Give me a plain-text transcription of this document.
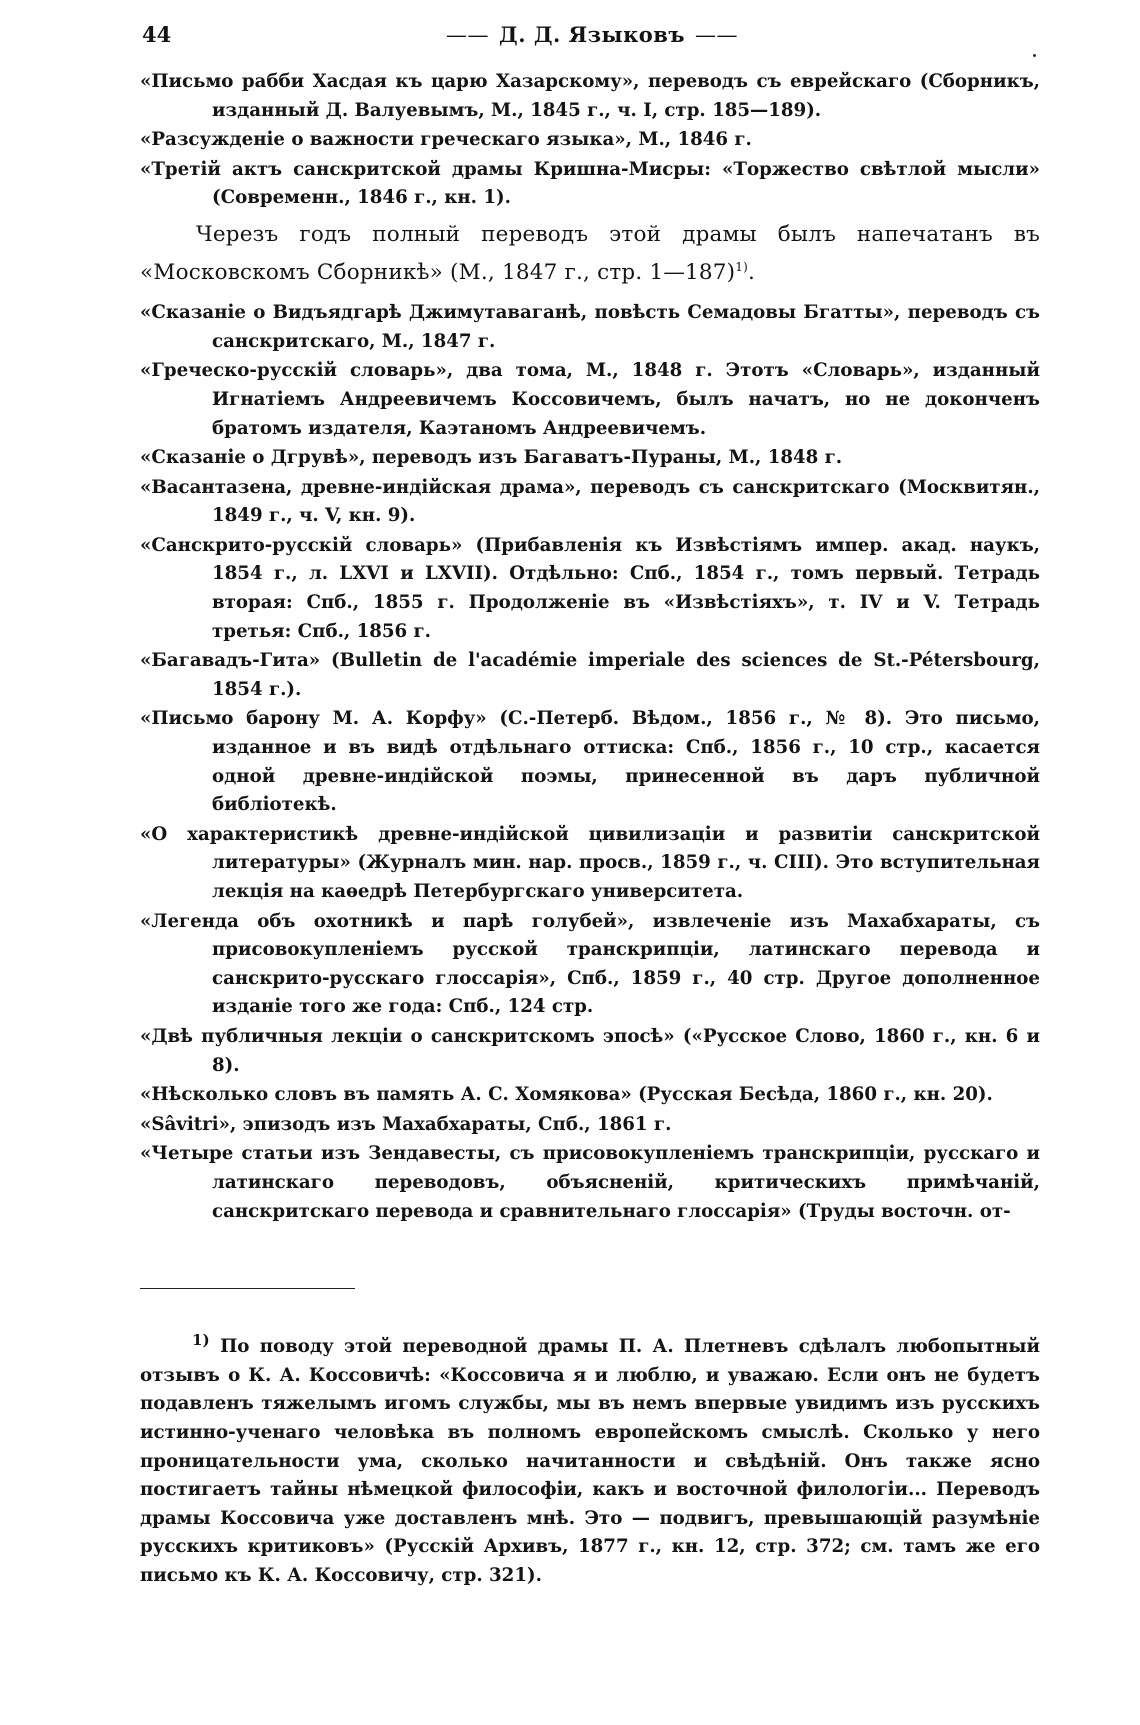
44	—— Д. Д. Языковъ ——

«Письмо рабби Хасдая къ царю Хазарскому», переводъ съ еврейскаго (Сборникъ, изданный Д. Валуевымъ, М., 1845 г., ч. I, стр. 185—189).

«Разсужденіе о важности греческаго языка», М., 1846 г.

«Третій актъ санскритской драмы Кришна-Мисры: «Торжество свѣтлой мысли» (Современн., 1846 г., кн. 1).

Черезъ годъ полный переводъ этой драмы былъ напечатанъ въ «Московскомъ Сборникѣ» (М., 1847 г., стр. 1—187)$^{1)}$.

«Сказаніе о Видъядгарѣ Джимутаваганѣ, повѣсть Семадовы Бгатты», переводъ съ санскритскаго, М., 1847 г.

«Греческо-русскій словарь», два тома, М., 1848 г. Этотъ «Словарь», изданный Игнатіемъ Андреевичемъ Коссовичемъ, былъ начатъ, но не доконченъ братомъ издателя, Каэтаномъ Андреевичемъ.

«Сказаніе о Дгрувѣ», переводъ изъ Багаватъ-Пураны, М., 1848 г.

«Васантазена, древне-индійская драма», переводъ съ санскритскаго (Москвитян., 1849 г., ч. V, кн. 9).

«Санскрито-русскій словарь» (Прибавленія къ Извѣстіямъ импер. акад. наукъ, 1854 г., л. LXVI и LXVII). Отдѣльно: Спб., 1854 г., томъ первый. Тетрадь вторая: Спб., 1855 г. Продолженіе въ «Извѣстіяхъ», т. IV и V. Тетрадь третья: Спб., 1856 г.

«Багавадъ-Гита» (Bulletin de l'académie imperiale des sciences de St.-Pétersbourg, 1854 г.).

«Письмо барону М. А. Корфу» (С.-Петерб. Вѣдом., 1856 г., № 8). Это письмо, изданное и въ видѣ отдѣльнаго оттиска: Спб., 1856 г., 10 стр., касается одной древне-индійской поэмы, принесенной въ даръ публичной библіотекѣ.

«О характеристикѣ древне-индійской цивилизаціи и развитіи санскритской литературы» (Журналъ мин. нар. просв., 1859 г., ч. CIII). Это вступительная лекція на каѳедрѣ Петербургскаго университета.

«Легенда объ охотникѣ и парѣ голубей», извлеченіе изъ Махабхараты, съ присовокупленіемъ русской транскрипціи, латинскаго перевода и санскрито-русскаго глоссарія», Спб., 1859 г., 40 стр. Другое дополненное изданіе того же года: Спб., 124 стр.

«Двѣ публичныя лекціи о санскритскомъ эпосѣ» («Русское Слово, 1860 г., кн. 6 и 8).

«Нѣсколько словъ въ память А. С. Хомякова» (Русская Бесѣда, 1860 г., кн. 20).

«Sâvitri», эпизодъ изъ Махабхараты, Спб., 1861 г.

«Четыре статьи изъ Зендавесты, съ присовокупленіемъ транскрипціи, русскаго и латинскаго переводовъ, объясненій, критическихъ примѣчаній, санскритскаго перевода и сравнительнаго глоссарія» (Труды восточн. от-

$^{1)}$ По поводу этой переводной драмы П. А. Плетневъ сдѣлалъ любопытный отзывъ о К. А. Коссовичѣ: «Коссовича я и люблю, и уважаю. Если онъ не будетъ подавленъ тяжелымъ игомъ службы, мы въ немъ впервые увидимъ изъ русскихъ истинно-ученаго человѣка въ полномъ европейскомъ смыслѣ. Сколько у него проницательности ума, сколько начитанности и свѣдѣній. Онъ также ясно постигаетъ тайны нѣмецкой философіи, какъ и восточной филологіи... Переводъ драмы Коссовича уже доставленъ мнѣ. Это — подвигъ, превышающій разумѣніе русскихъ критиковъ» (Русскій Архивъ, 1877 г., кн. 12, стр. 372; см. тамъ же его письмо къ К. А. Коссовичу, стр. 321).
